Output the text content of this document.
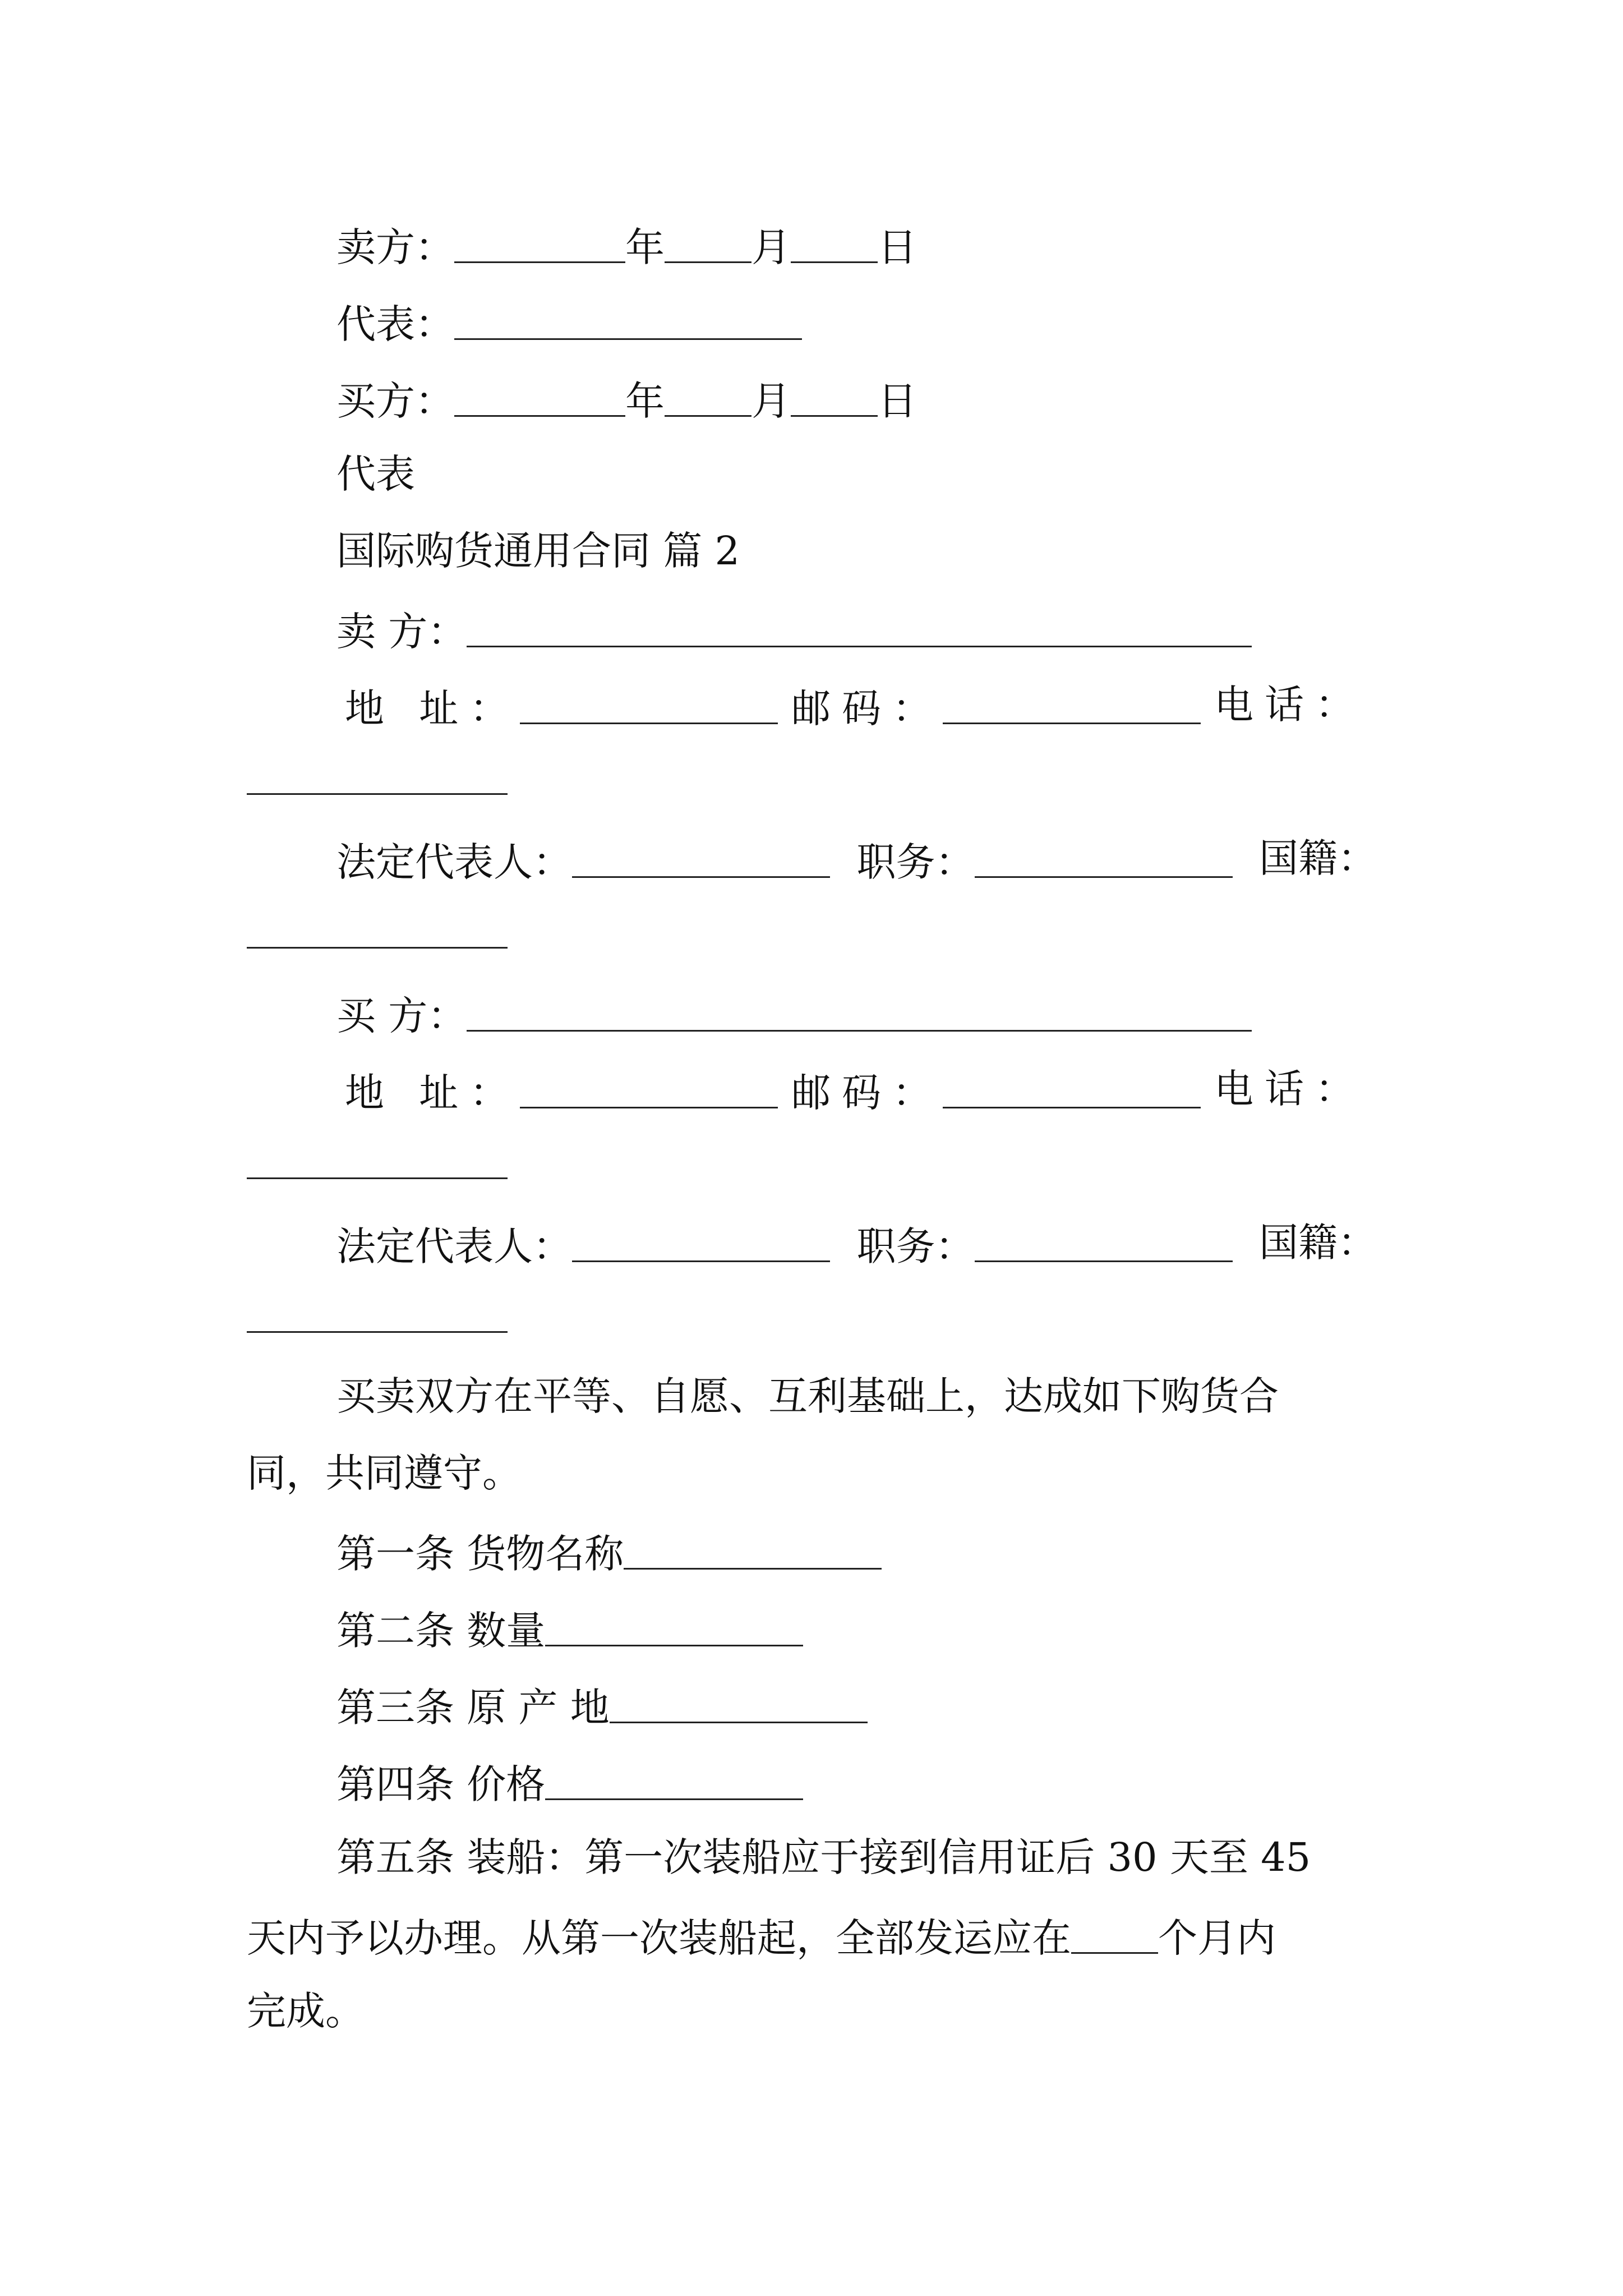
卖方：	年 月 日
代表：
买方：	年 月 日
代表
国际购货通用合同 篇 2
卖 方：
地 址：	邮码：	电话：
法定代表人：	职务：	国籍：
买 方：
地 址：	邮码：	电话：
法定代表人：	职务：	国籍：
买卖双方在平等、自愿、互利基础上，达成如下购货合
同，共同遵守。
第一条 货物名称
第二条 数量
第三条 原 产 地
第四条 价格
第五条 装船：第一次装船应于接到信用证后 30 天至 45
天内予以办理。从第一次装船起，全部发运应在 个月内
完成。
